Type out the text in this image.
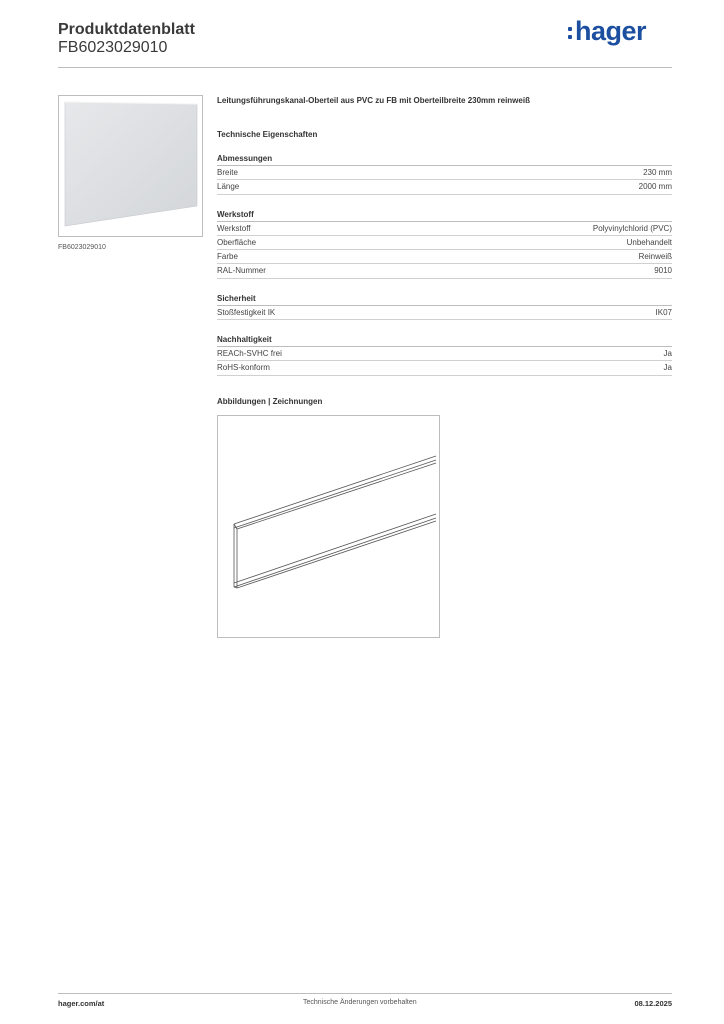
Produktdatenblatt
FB6023029010
hager
FB6023029010
Leitungsführungskanal-Oberteil aus PVC zu FB mit Oberteilbreite 230mm reinweiß
Technische Eigenschaften
Abmessungen
Breite	230 mm
Länge	2000 mm
Werkstoff
Werkstoff	Polyvinylchlorid (PVC)
Oberfläche	Unbehandelt
Farbe	Reinweiß
RAL-Nummer	9010
Sicherheit
Stoßfestigkeit IK	IK07
Nachhaltigkeit
REACh-SVHC frei	Ja
RoHS-konform	Ja
Abbildungen | Zeichnungen
hager.com/at	Technische Änderungen vorbehalten	08.12.2025
